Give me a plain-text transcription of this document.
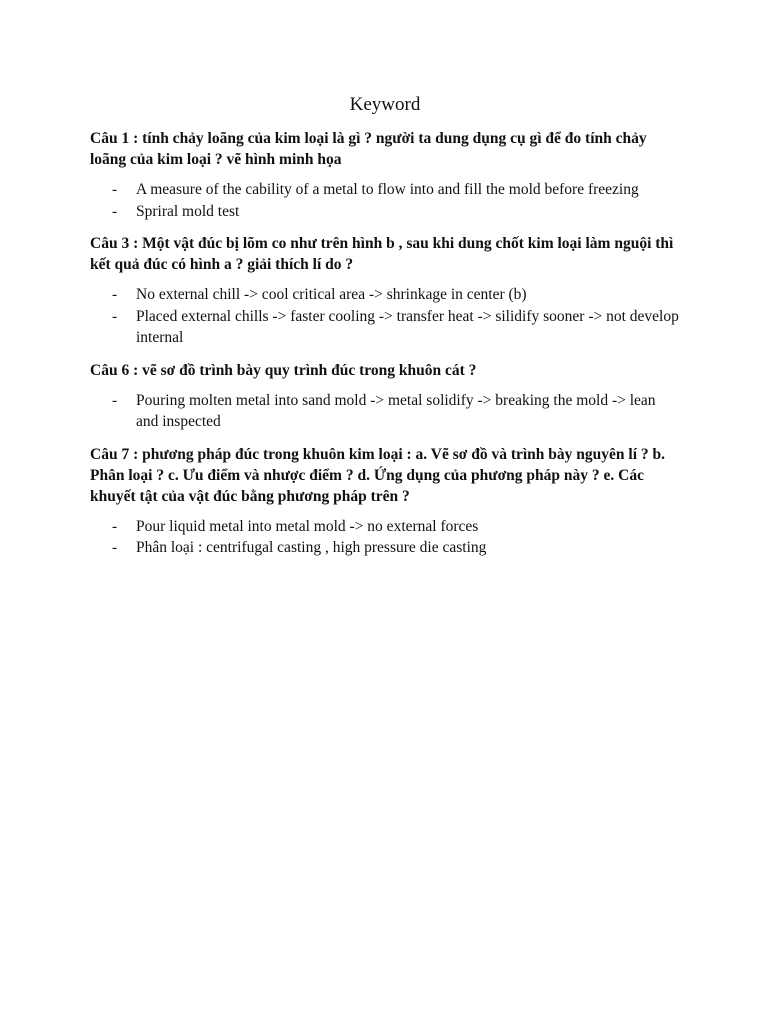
Keyword

Câu 1 : tính chảy loãng của kim loại là gì ? người ta dung dụng cụ gì để đo tính chảy loãng của kim loại ? vẽ hình minh họa

- A measure of the cability of a metal to flow into and fill the mold before freezing
- Spriral mold test

Câu 3 : Một vật đúc bị lõm co như trên hình b , sau khi dung chốt kim loại làm nguội thì kết quả đúc có hình a ? giải thích lí do ?

- No external chill -> cool critical area -> shrinkage in center (b)
- Placed external chills -> faster cooling -> transfer heat -> silidify sooner -> not develop internal

Câu 6 : vẽ sơ đồ trình bày quy trình đúc trong khuôn cát ?

- Pouring molten metal into sand mold -> metal solidify -> breaking the mold -> lean and inspected

Câu 7 : phương pháp đúc trong khuôn kim loại : a. Vẽ sơ đồ và trình bày nguyên lí ? b. Phân loại ? c. Ưu điểm và nhược điểm ? d. Ứng dụng của phương pháp này ? e. Các khuyết tật của vật đúc bằng phương pháp trên ?

- Pour liquid metal into metal mold -> no external forces
- Phân loại : centrifugal casting , high pressure die casting
